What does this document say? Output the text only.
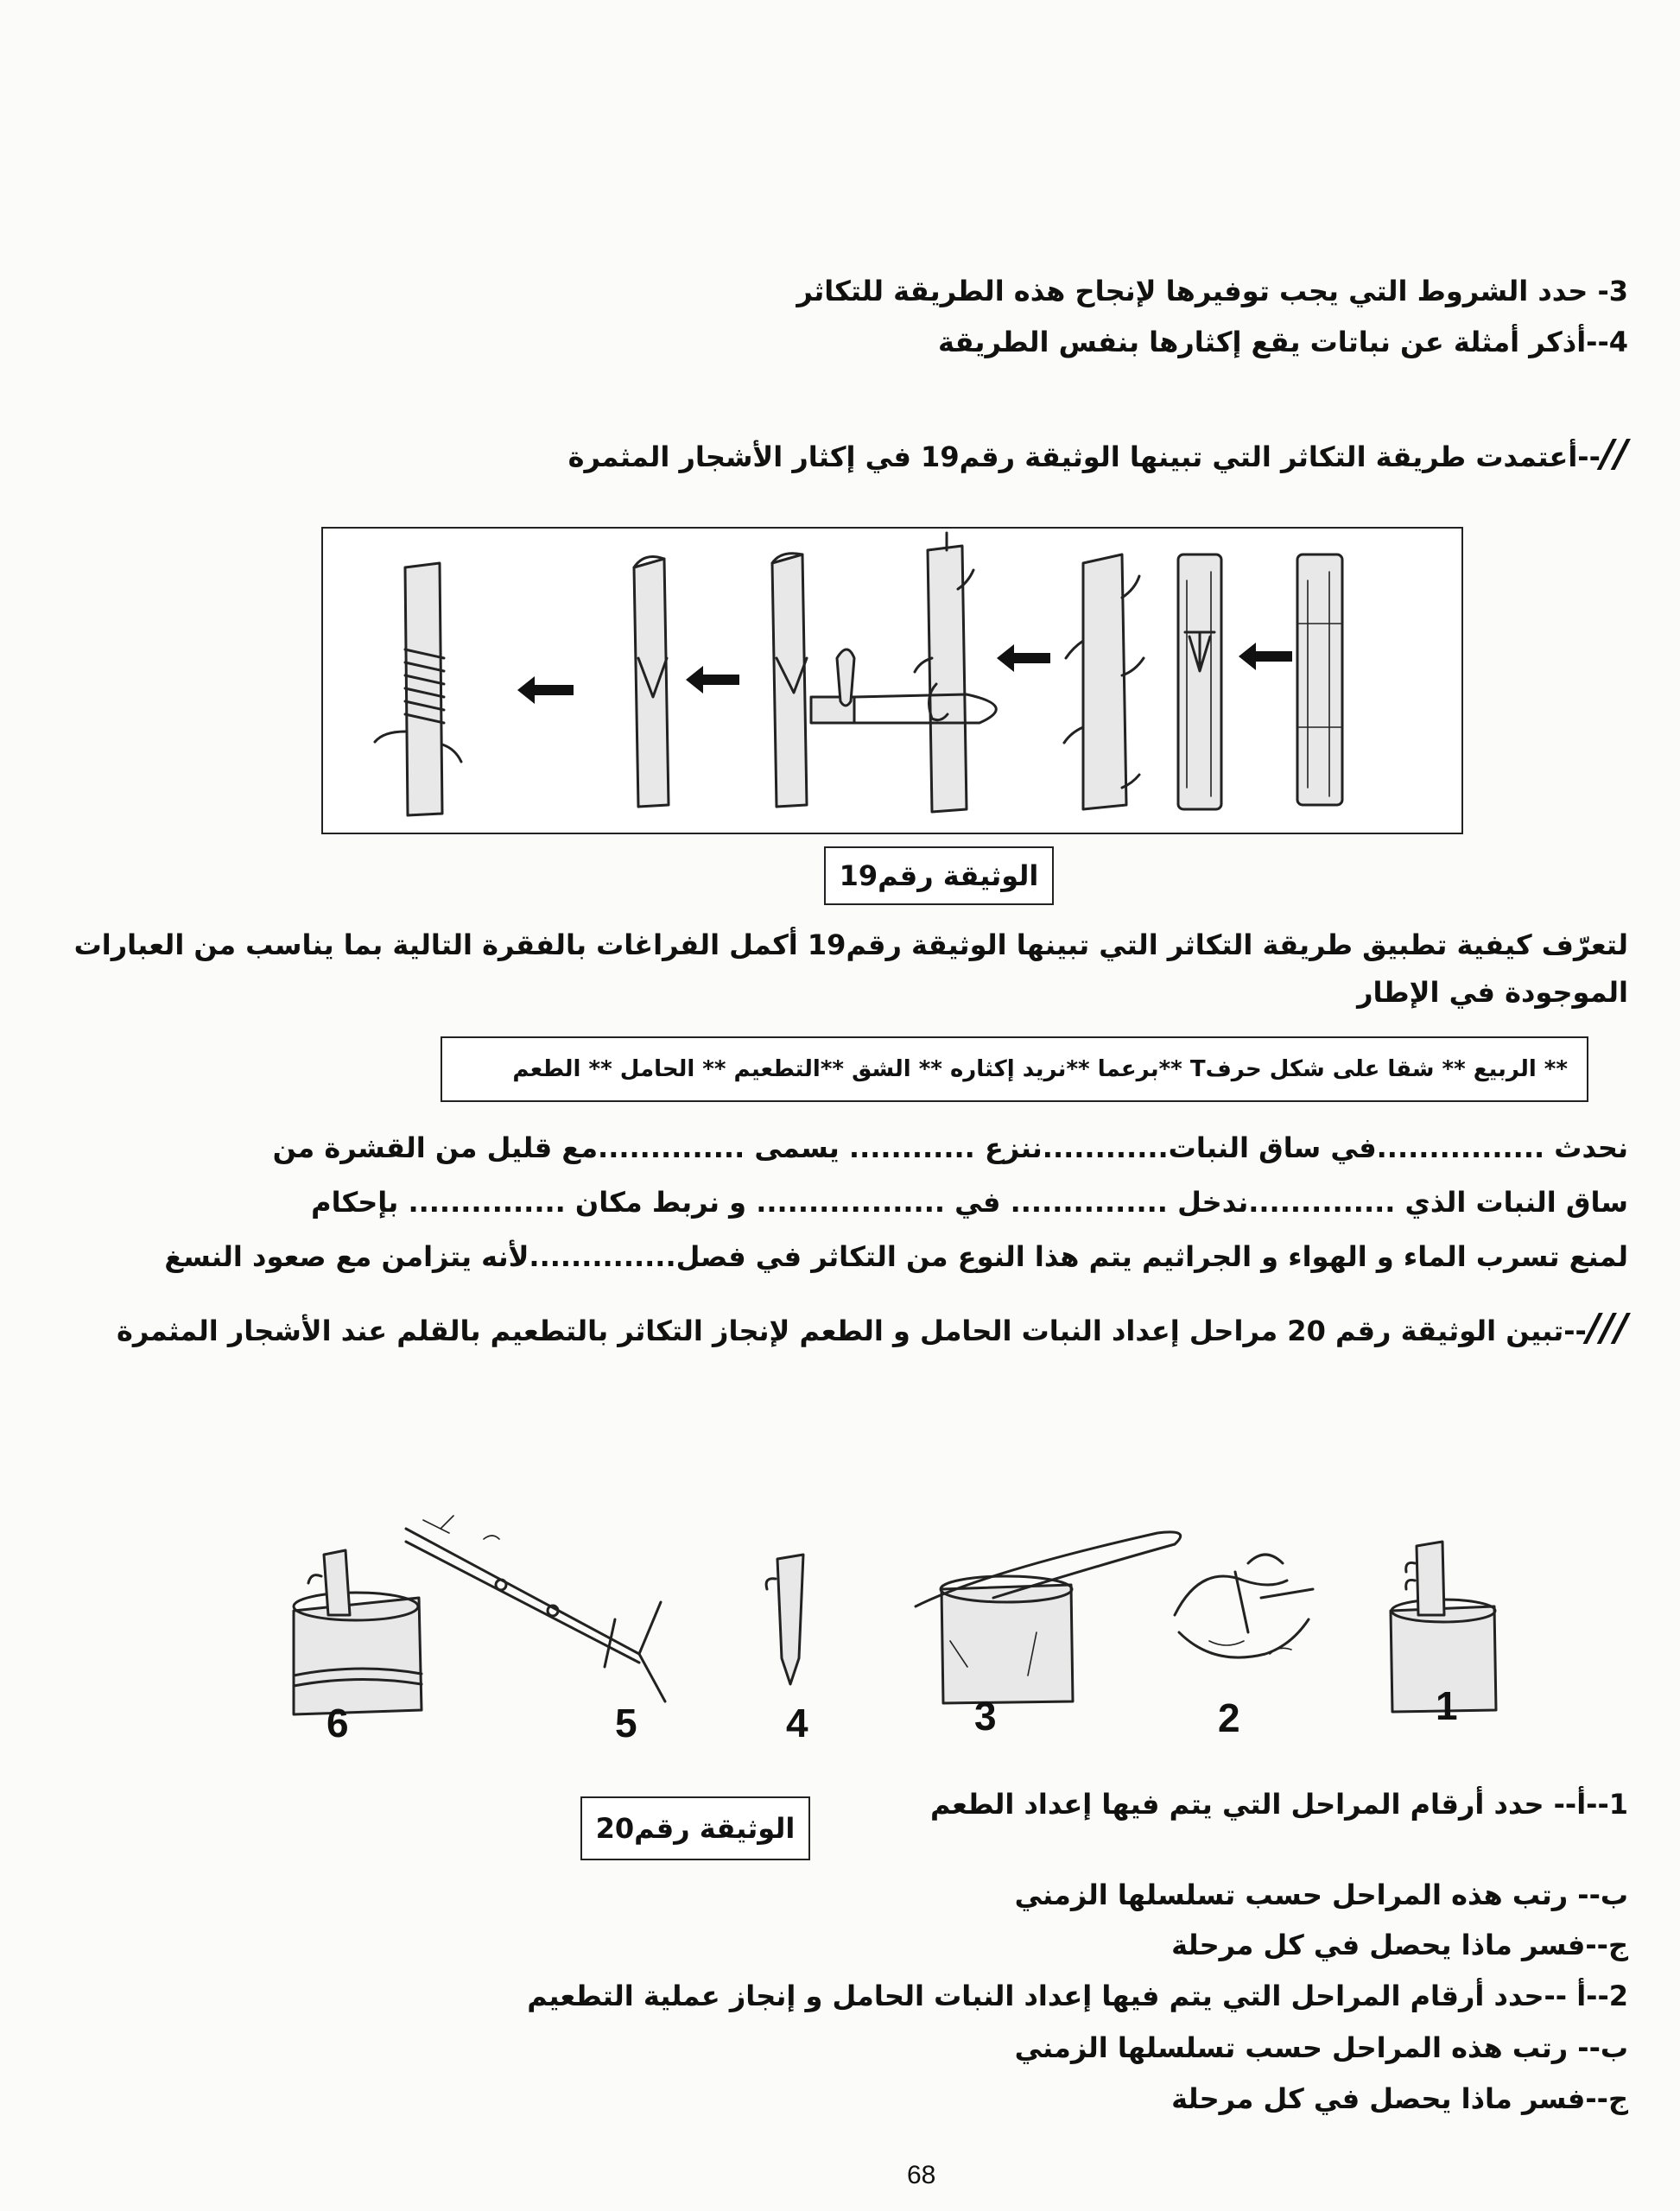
3- حدد الشروط التي يجب توفيرها لإنجاح هذه الطريقة للتكاثر
4--أذكر أمثلة عن نباتات يقع إكثارها بنفس الطريقة
//--أعتمدت طريقة التكاثر التي تبينها الوثيقة رقم19 في إكثار الأشجار المثمرة
الوثيقة رقم19
لتعرّف كيفية تطبيق طريقة التكاثر التي تبينها الوثيقة رقم19 أكمل الفراغات بالفقرة التالية بما يناسب من العبارات
الموجودة في الإطار
** الربيع ** شقا على شكل حرفT **برعما **نريد إكثاره ** الشق **التطعيم ** الحامل ** الطعم
نحدث ................في ساق النبات............ننزع ............ يسمى ..............مع قليل من القشرة من
ساق النبات الذي ..............ندخل ............... في .................. و نربط مكان ............... بإحكام
لمنع تسرب الماء و الهواء و الجراثيم يتم هذا النوع من التكاثر في فصل..............لأنه يتزامن مع صعود النسغ
///--تبين الوثيقة رقم 20 مراحل إعداد النبات الحامل و الطعم لإنجاز التكاثر بالتطعيم بالقلم عند الأشجار المثمرة
6	5	4	3	2	1
الوثيقة رقم20
1--أ-- حدد أرقام المراحل التي يتم فيها إعداد الطعم
ب-- رتب هذه المراحل حسب تسلسلها الزمني
ج--فسر ماذا يحصل في كل مرحلة
2--أ --حدد أرقام المراحل التي يتم فيها إعداد النبات الحامل و إنجاز عملية التطعيم
ب-- رتب هذه المراحل حسب تسلسلها الزمني
ج--فسر ماذا يحصل في كل مرحلة
68
